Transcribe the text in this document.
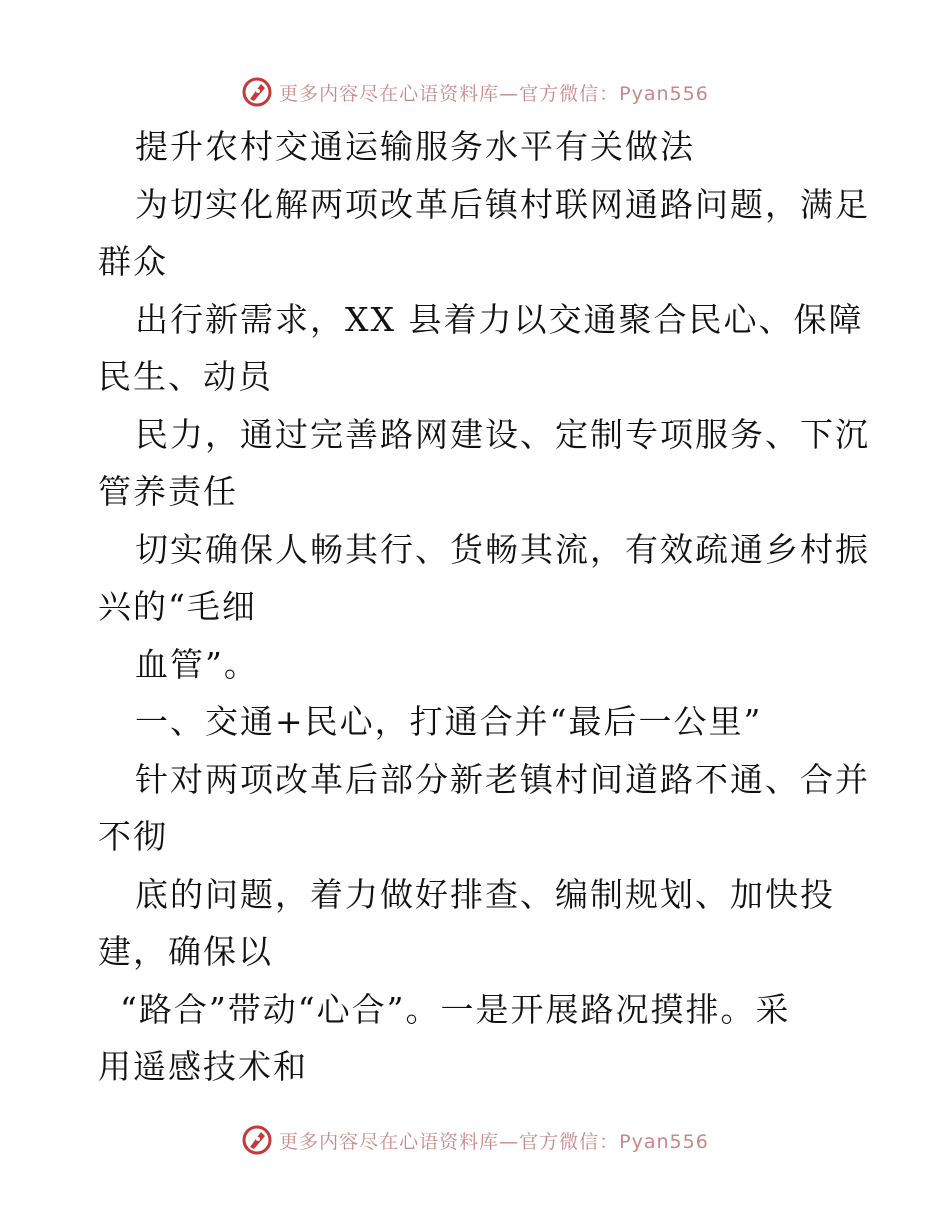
更多内容尽在心语资料库—官方微信：Pyan556
提升农村交通运输服务水平有关做法
为切实化解两项改革后镇村联网通路问题，满足
群众
出行新需求，XX 县着力以交通聚合民心、保障
民生、动员
民力，通过完善路网建设、定制专项服务、下沉
管养责任
切实确保人畅其行、货畅其流，有效疏通乡村振
兴的“毛细
血管”。
一、交通+民心，打通合并“最后一公里”
针对两项改革后部分新老镇村间道路不通、合并
不彻
底的问题，着力做好排查、编制规划、加快投
建，确保以
“路合”带动“心合”。一是开展路况摸排。采
用遥感技术和
更多内容尽在心语资料库—官方微信：Pyan556
